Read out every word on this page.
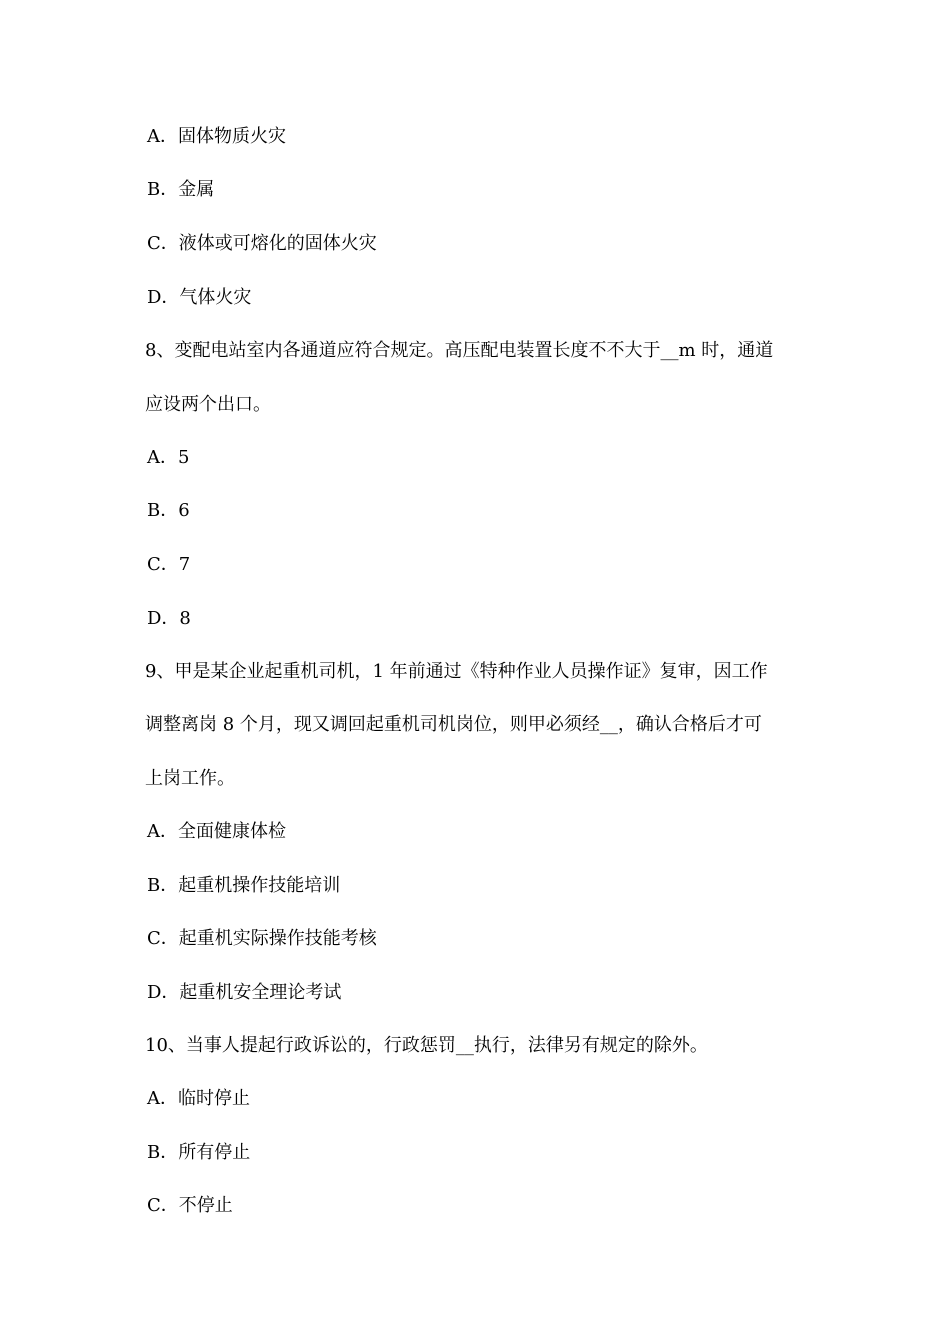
A．固体物质火灾
B．金属
C．液体或可熔化的固体火灾
D．气体火灾
8、变配电站室内各通道应符合规定。高压配电装置长度不不大于__m 时，通道
应设两个出口。
A．5
B．6
C．7
D．8
9、甲是某企业起重机司机，1 年前通过《特种作业人员操作证》复审，因工作
调整离岗 8 个月，现又调回起重机司机岗位，则甲必须经__，确认合格后才可
上岗工作。
A．全面健康体检
B．起重机操作技能培训
C．起重机实际操作技能考核
D．起重机安全理论考试
10、当事人提起行政诉讼的，行政惩罚__执行，法律另有规定的除外。
A．临时停止
B．所有停止
C．不停止
